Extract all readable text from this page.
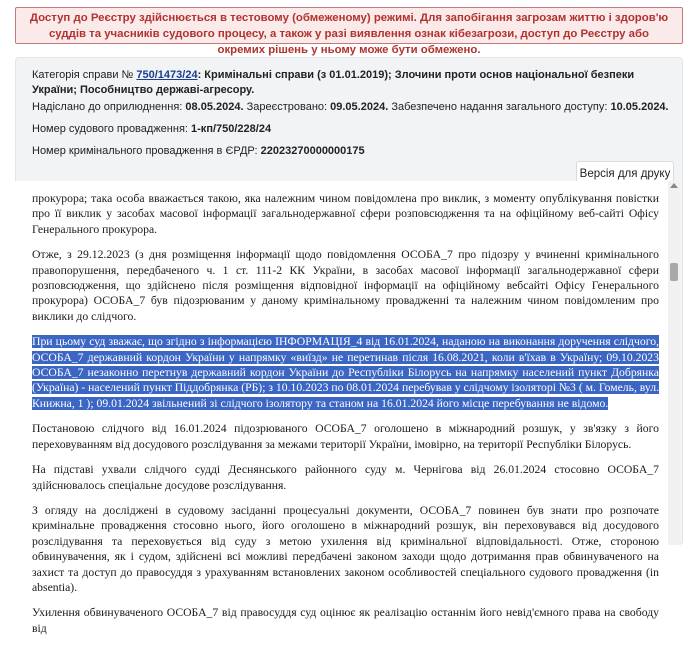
Доступ до Реєстру здійснюється в тестовому (обмеженому) режимі. Для запобігання загрозам життю і здоров'ю суддів та учасників судового процесу, а також у разі виявлення ознак кібезагрози, доступ до Реєстру або окремих рішень у ньому може бути обмежено.
Категорія справи № 750/1473/24: Кримінальні справи (з 01.01.2019); Злочини проти основ національної безпеки України; Пособництво державі-агресору.
Надіслано до оприлюднення: 08.05.2024. Зареєстровано: 09.05.2024. Забезпечено надання загального доступу: 10.05.2024.
Номер судового провадження: 1-кп/750/228/24
Номер кримінального провадження в ЄРДР: 22023270000000175
Версія для друку

прокурора; така особа вважається такою, яка належним чином повідомлена про виклик, з моменту опублікування повістки про її виклик у засобах масової інформації загальнодержавної сфери розповсюдження та на офіційному веб-сайті Офісу Генерального прокурора.

Отже, з 29.12.2023 (з дня розміщення інформації щодо повідомлення ОСОБА_7 про підозру у вчиненні кримінального правопорушення, передбаченого ч. 1 ст. 111-2 КК України, в засобах масової інформації загальнодержавної сфери розповсюдження, що здійснено після розміщення відповідної інформації на офіційному вебсайті Офісу Генерального прокурора) ОСОБА_7 був підозрюваним у даному кримінальному провадженні та належним чином повідомленим про виклики до слідчого.

При цьому суд зважає, що згідно з інформацією ІНФОРМАЦІЯ_4 від 16.01.2024, наданою на виконання доручення слідчого, ОСОБА_7 державний кордон України у напрямку «виїзд» не перетинав після 16.08.2021, коли в'їхав в Україну; 09.10.2023 ОСОБА_7 незаконно перетнув державний кордон України до Республіки Білорусь на напрямку населений пункт Добрянка (Україна) - населений пункт Піддобрянка (РБ); з 10.10.2023 по 08.01.2024 перебував у слідчому ізоляторі №3 ( м. Гомель, вул. Книжна, 1 ); 09.01.2024 звільнений зі слідчого ізолятору та станом на 16.01.2024 його місце перебування не відомо.

Постановою слідчого від 16.01.2024 підозрюваного ОСОБА_7 оголошено в міжнародний розшук, у зв'язку з його переховуванням від досудового розслідування за межами території України, імовірно, на території Республіки Білорусь.

На підставі ухвали слідчого судді Деснянського районного суду м. Чернігова від 26.01.2024 стосовно ОСОБА_7 здійснювалось спеціальне досудове розслідування.

З огляду на досліджені в судовому засіданні процесуальні документи, ОСОБА_7 повинен був знати про розпочате кримінальне провадження стосовно нього, його оголошено в міжнародний розшук, він переховувався від досудового розслідування та переховується від суду з метою ухилення від кримінальної відповідальності. Отже, стороною обвинувачення, як і судом, здійснені всі можливі передбачені законом заходи щодо дотримання прав обвинуваченого на захист та доступ до правосуддя з урахуванням встановлених законом особливостей спеціального судового провадження (in absentia).

Ухилення обвинуваченого ОСОБА_7 від правосуддя суд оцінює як реалізацію останнім його невід'ємного права на свободу від
